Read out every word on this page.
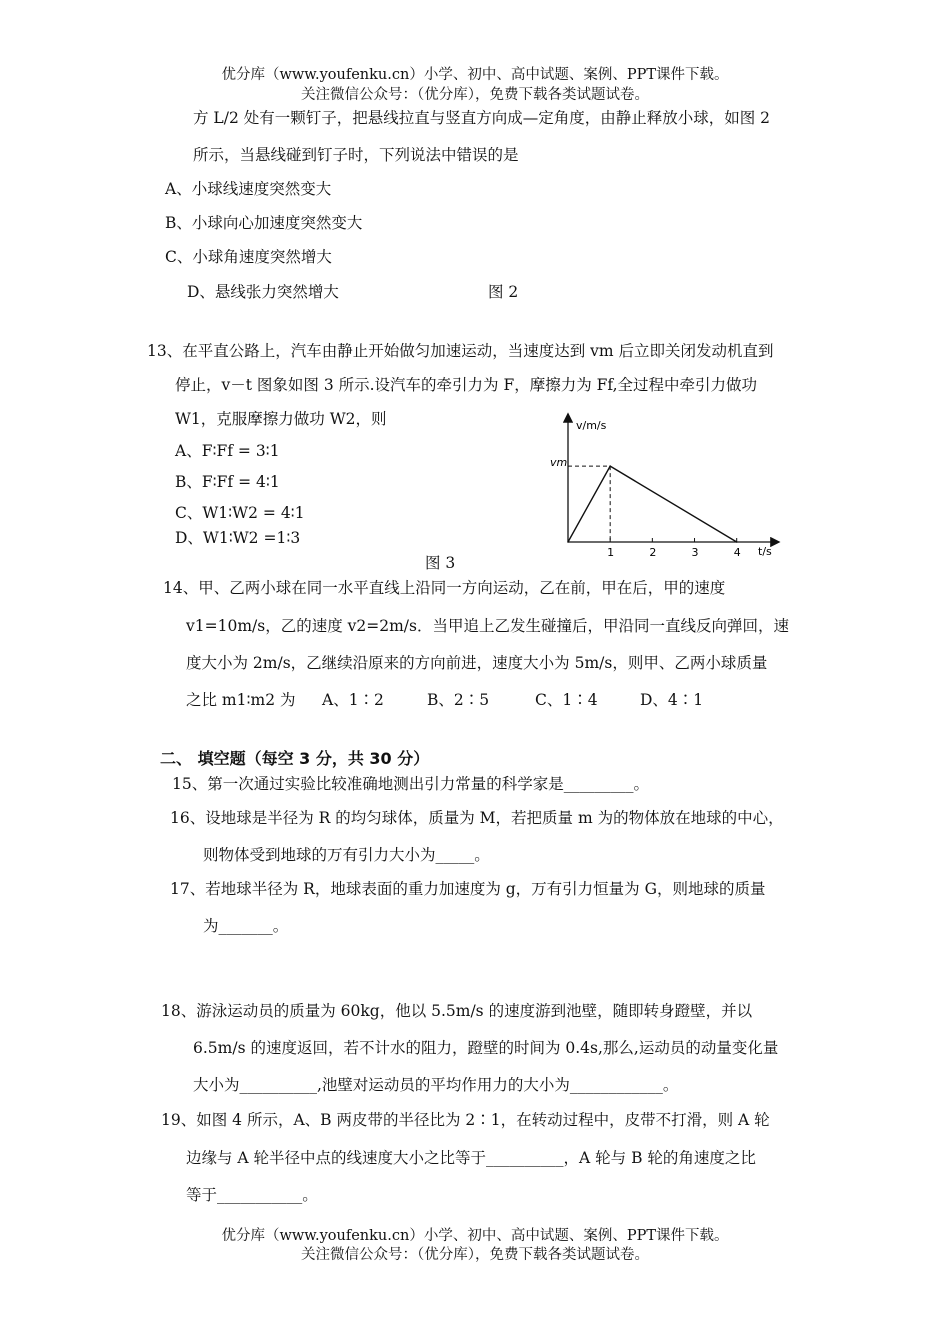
优分库（www.youfenku.cn）小学、初中、高中试题、案例、PPT课件下载。
关注微信公众号：（优分库），免费下载各类试题试卷。
方 L/2 处有一颗钉子，把悬线拉直与竖直方向成—定角度，由静止释放小球，如图 2
所示，当悬线碰到钉子时，下列说法中错误的是
A、小球线速度突然变大
B、小球向心加速度突然变大
C、小球角速度突然增大
D、悬线张力突然增大	图 2
13、在平直公路上，汽车由静止开始做匀加速运动，当速度达到 vm 后立即关闭发动机直到
停止，v－t 图象如图 3 所示.设汽车的牵引力为 F，摩擦力为 Ff,全过程中牵引力做功
W1，克服摩擦力做功 W2，则
A、F∶Ff = 3∶1
B、F∶Ff = 4∶1
C、W1∶W2 = 4∶1
D、W1∶W2 =1∶3
v/m/s
t/s
vm
1	2	3	4
图 3
14、甲、乙两小球在同一水平直线上沿同一方向运动，乙在前，甲在后，甲的速度
v1=10m/s，乙的速度 v2=2m/s．当甲追上乙发生碰撞后，甲沿同一直线反向弹回，速
度大小为 2m/s，乙继续沿原来的方向前进，速度大小为 5m/s，则甲、乙两小球质量
之比 m1∶m2 为 A、1∶2	B、2∶5	C、1∶4	D、4∶1
二、 填空题（每空 3 分，共 30 分）
15、第一次通过实验比较准确地测出引力常量的科学家是_________。
16、设地球是半径为 R 的均匀球体，质量为 M，若把质量 m 为的物体放在地球的中心，
则物体受到地球的万有引力大小为_____。
17、若地球半径为 R，地球表面的重力加速度为 g，万有引力恒量为 G，则地球的质量
为_______。
18、游泳运动员的质量为 60kg，他以 5.5m/s 的速度游到池壁，随即转身蹬壁，并以
6.5m/s 的速度返回，若不计水的阻力，蹬壁的时间为 0.4s,那么,运动员的动量变化量
大小为__________,池壁对运动员的平均作用力的大小为____________。
19、如图 4 所示，A、B 两皮带的半径比为 2∶1，在转动过程中，皮带不打滑，则 A 轮
边缘与 A 轮半径中点的线速度大小之比等于__________，A 轮与 B 轮的角速度之比
等于___________。
优分库（www.youfenku.cn）小学、初中、高中试题、案例、PPT课件下载。
关注微信公众号：（优分库），免费下载各类试题试卷。
